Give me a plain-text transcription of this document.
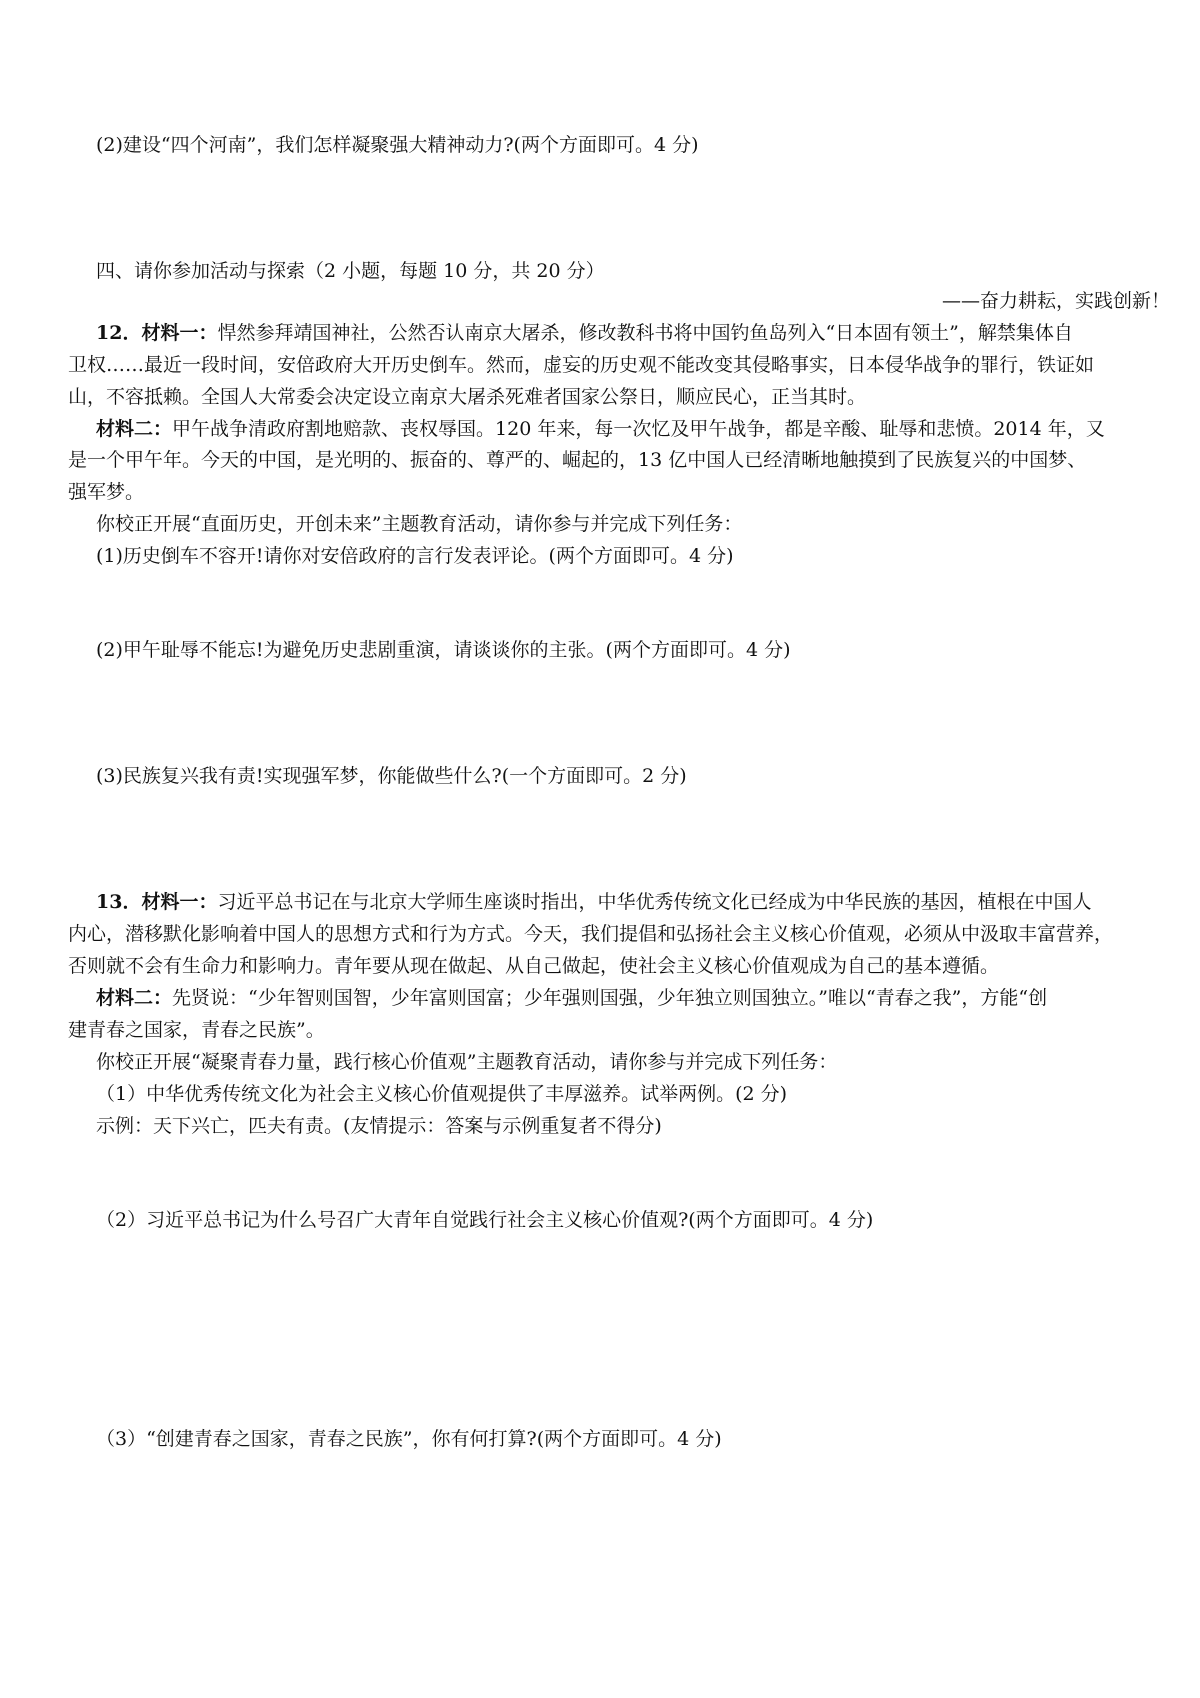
(2)建设“四个河南”，我们怎样凝聚强大精神动力?(两个方面即可。4 分)
四、请你参加活动与探索（2 小题，每题 10 分，共 20 分）
——奋力耕耘，实践创新！
12．材料一：悍然参拜靖国神社，公然否认南京大屠杀，修改教科书将中国钓鱼岛列入“日本固有领土”，解禁集体自
卫权……最近一段时间，安倍政府大开历史倒车。然而，虚妄的历史观不能改变其侵略事实，日本侵华战争的罪行，铁证如
山，不容抵赖。全国人大常委会决定设立南京大屠杀死难者国家公祭日，顺应民心，正当其时。
材料二：甲午战争清政府割地赔款、丧权辱国。120 年来，每一次忆及甲午战争，都是辛酸、耻辱和悲愤。2014 年，又
是一个甲午年。今天的中国，是光明的、振奋的、尊严的、崛起的，13 亿中国人已经清晰地触摸到了民族复兴的中国梦、
强军梦。
你校正开展“直面历史，开创未来”主题教育活动，请你参与并完成下列任务：
(1)历史倒车不容开!请你对安倍政府的言行发表评论。(两个方面即可。4 分)
(2)甲午耻辱不能忘!为避免历史悲剧重演，请谈谈你的主张。(两个方面即可。4 分)
(3)民族复兴我有责!实现强军梦，你能做些什么?(一个方面即可。2 分)
13．材料一：习近平总书记在与北京大学师生座谈时指出，中华优秀传统文化已经成为中华民族的基因，植根在中国人
内心，潜移默化影响着中国人的思想方式和行为方式。今天，我们提倡和弘扬社会主义核心价值观，必须从中汲取丰富营养，
否则就不会有生命力和影响力。青年要从现在做起、从自己做起，使社会主义核心价值观成为自己的基本遵循。
材料二：先贤说：“少年智则国智，少年富则国富；少年强则国强，少年独立则国独立。”唯以“青春之我”，方能“创
建青春之国家，青春之民族”。
你校正开展“凝聚青春力量，践行核心价值观”主题教育活动，请你参与并完成下列任务：
（1）中华优秀传统文化为社会主义核心价值观提供了丰厚滋养。试举两例。(2 分)
示例：天下兴亡，匹夫有责。(友情提示：答案与示例重复者不得分)
（2）习近平总书记为什么号召广大青年自觉践行社会主义核心价值观?(两个方面即可。4 分)
（3）“创建青春之国家，青春之民族”，你有何打算?(两个方面即可。4 分)
